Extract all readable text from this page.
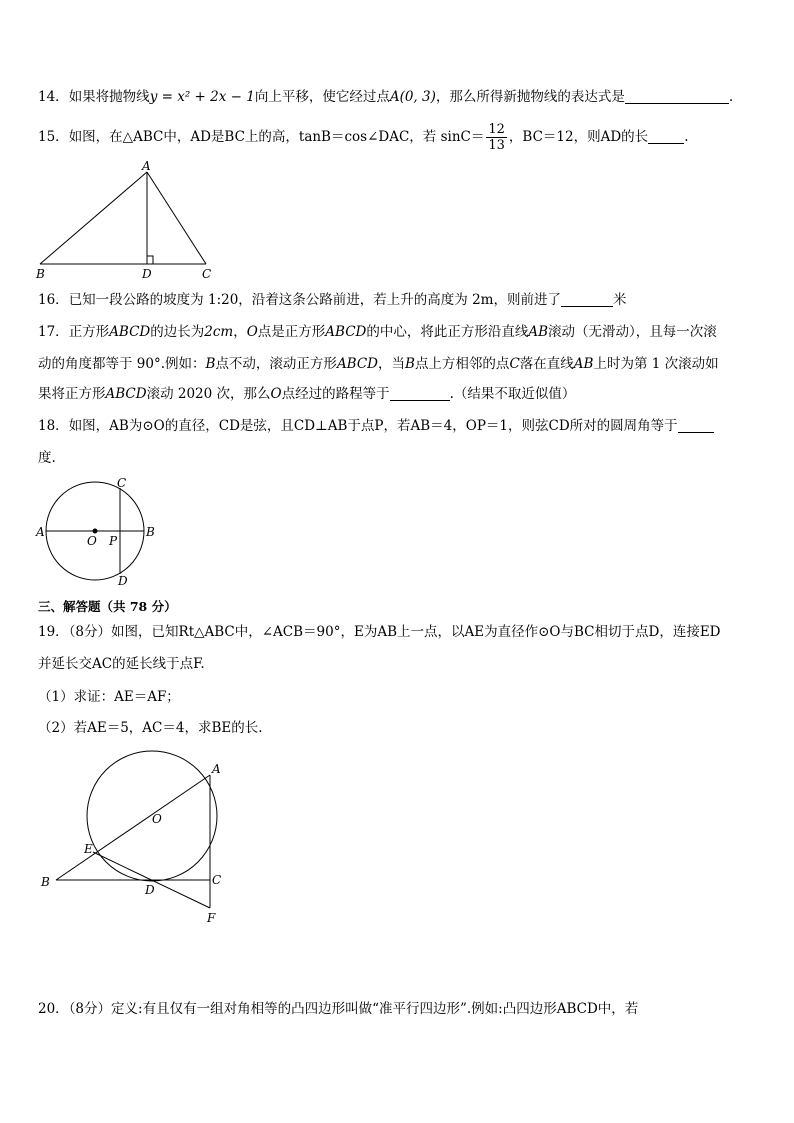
14．如果将抛物线y = x² + 2x − 1向上平移，使它经过点A(0, 3)，那么所得新抛物线的表达式是	.
15．如图，在△ABC中，AD是BC上的高，tanB＝cos∠DAC，若 $\sin C= \frac{12}{13}$ ，BC＝12，则AD的长	.
A
B	C
D
16．已知一段公路的坡度为 1:20，沿着这条公路前进，若上升的高度为 2m，则前进了	米
17．正方形ABCD的边长为2cm，O点是正方形ABCD的中心，将此正方形沿直线AB滚动（无滑动），且每一次滚
动的角度都等于 90°.例如：B点不动，滚动正方形ABCD，当B点上方相邻的点C落在直线AB上时为第 1 次滚动如
果将正方形ABCD滚动 2020 次，那么O点经过的路程等于	.（结果不取近似值）
18．如图，AB为⊙O的直径，CD是弦，且CD⊥AB于点P，若AB＝4，OP＝1，则弦CD所对的圆周角等于
度.
C
A	B
O P
D
三、解答题（共 78 分）
19．（8分）如图，已知Rt△ABC中，∠ACB＝90°，E为AB上一点，以AE为直径作⊙O与BC相切于点D，连接ED
并延长交AC的延长线于点F.
（1）求证：AE＝AF；
（2）若AE＝5，AC＝4，求BE的长.
A
B	C
D
E
F
O
20．（8分）定义:有且仅有一组对角相等的凸四边形叫做“准平行四边形”.例如:凸四边形ABCD中，若
